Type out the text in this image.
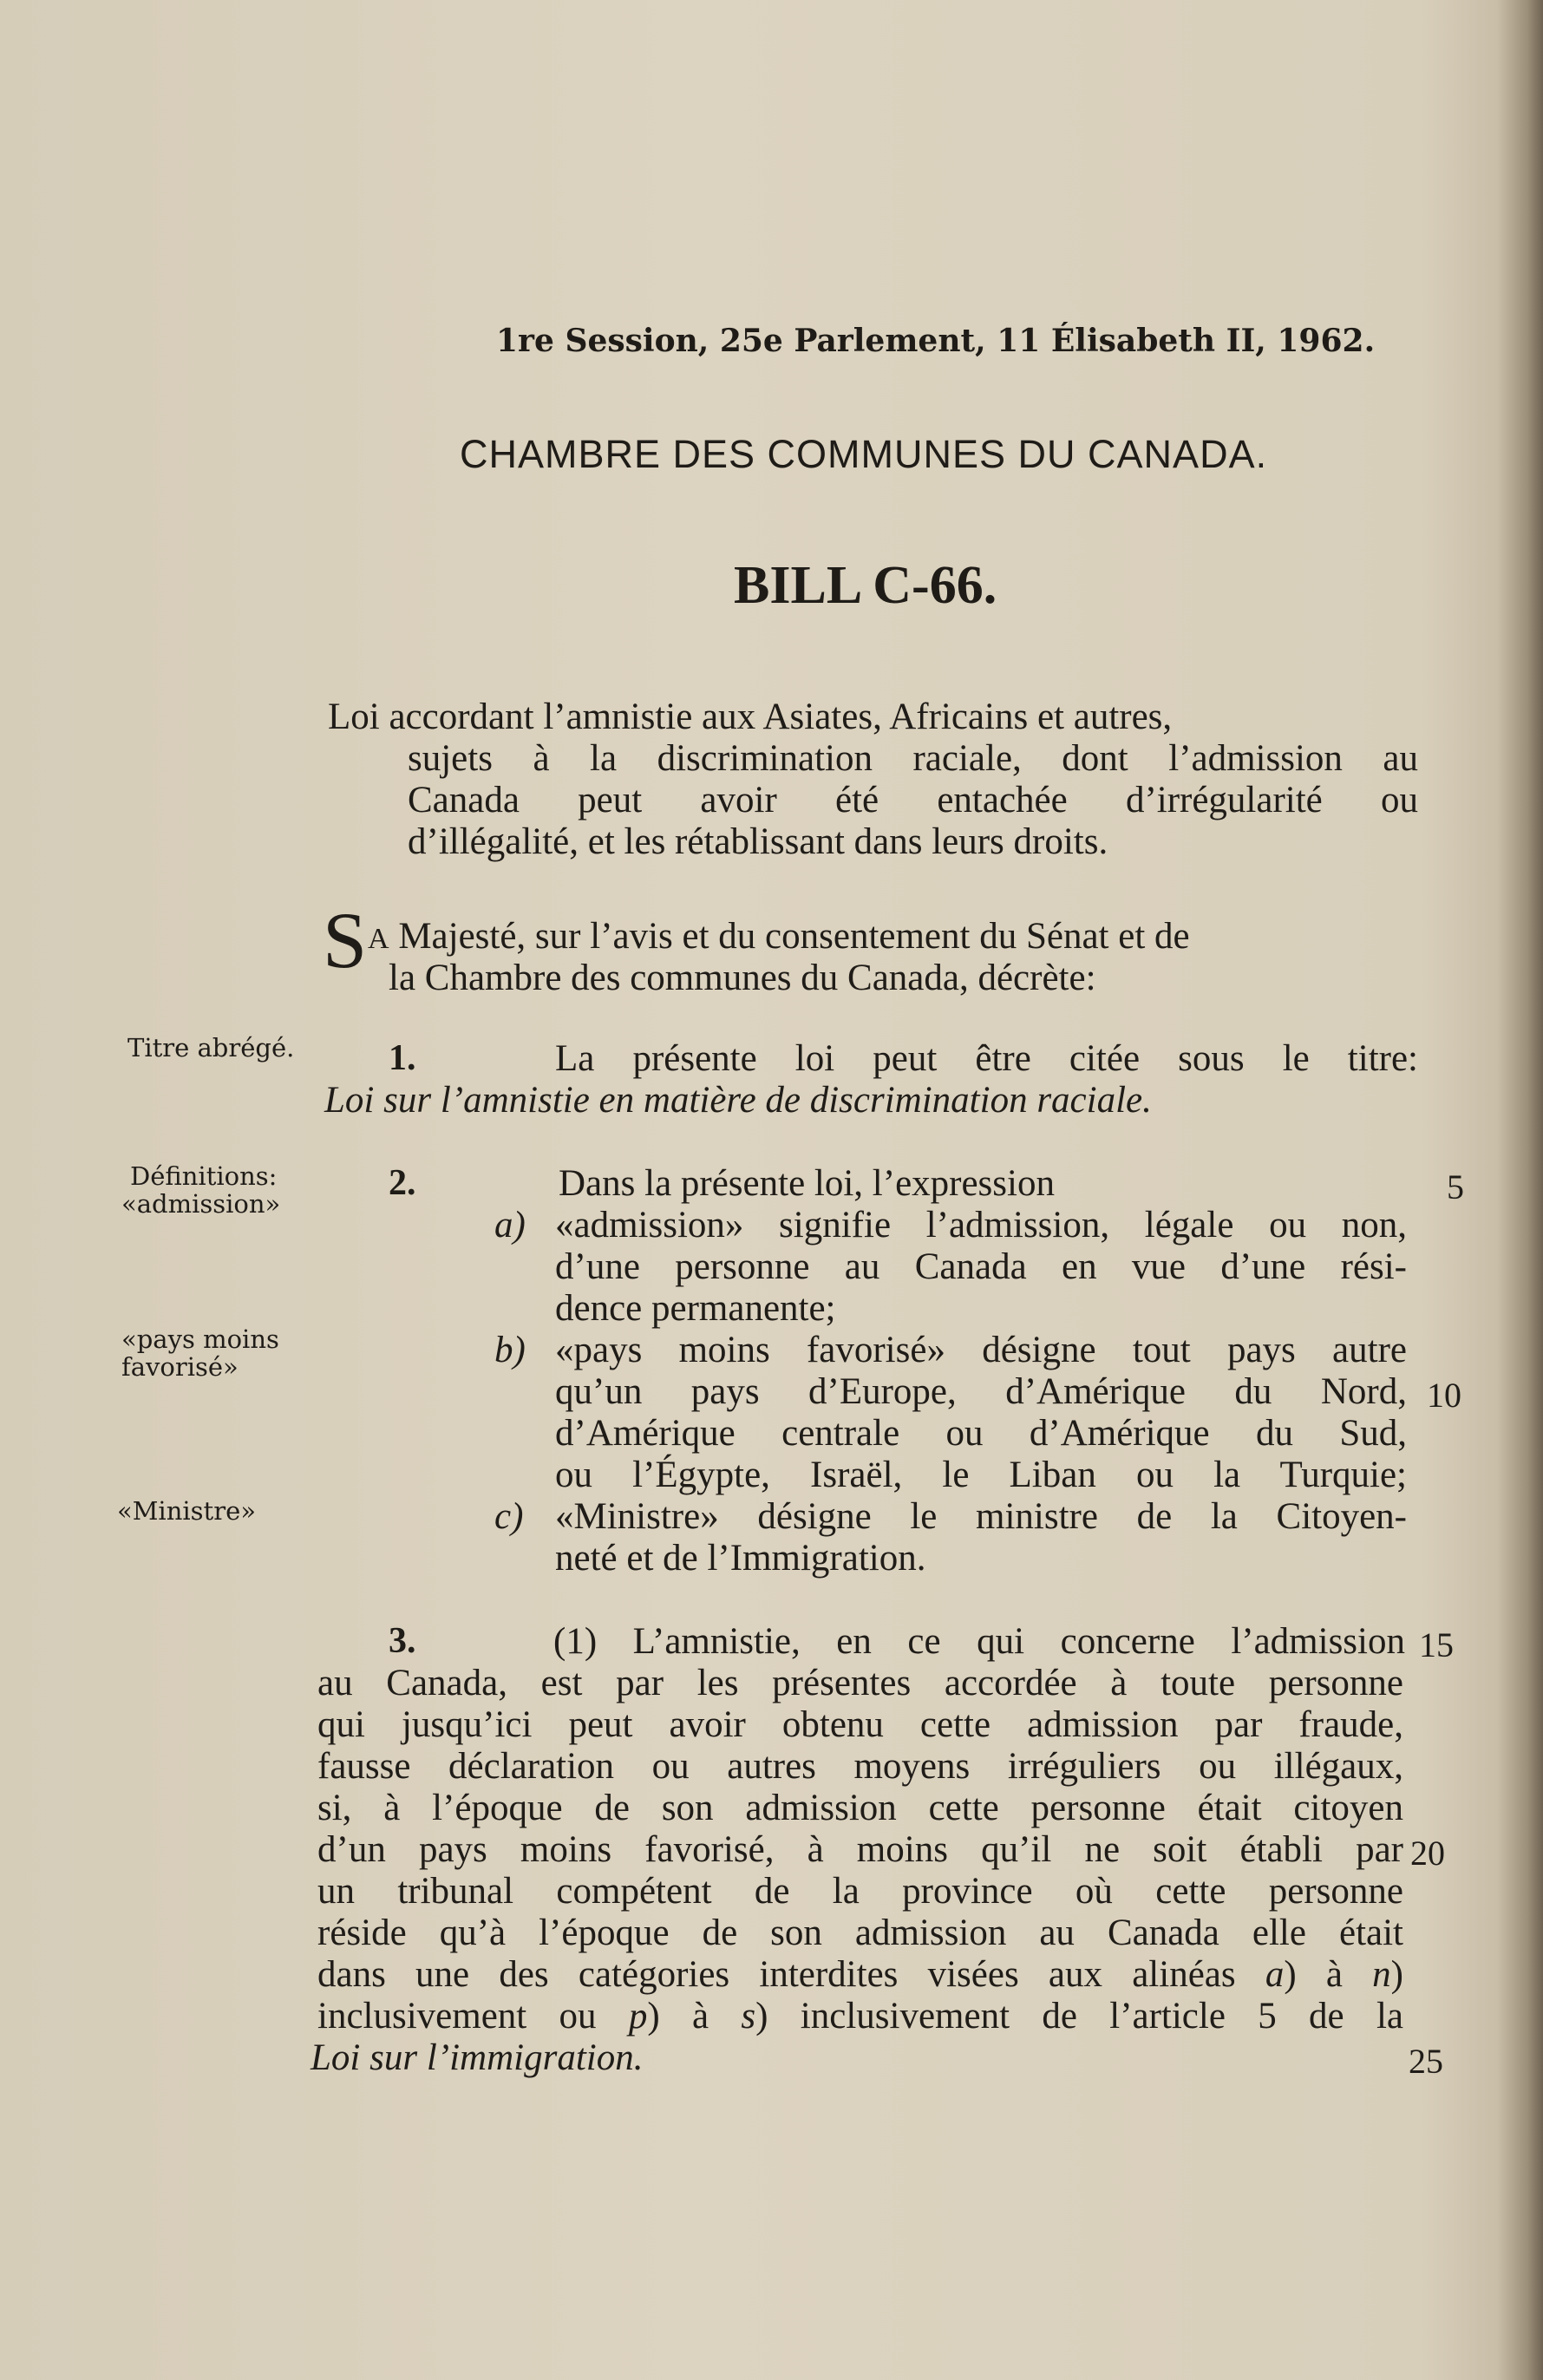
1re Session, 25e Parlement, 11 Élisabeth II, 1962.
CHAMBRE DES COMMUNES DU CANADA.
BILL C-66.
Loi accordant l’amnistie aux Asiates, Africains et autres,
sujets à la discrimination raciale, dont l’admission au
Canada peut avoir été entachée d’irrégularité ou
d’illégalité, et les rétablissant dans leurs droits.
S A Majesté, sur l’avis et du consentement du Sénat et de
la Chambre des communes du Canada, décrète:
Titre abrégé.
Définitions:
«admission»
«pays moins
favorisé»
«Ministre»
1.	La présente loi peut être citée sous le titre:
Loi sur l’amnistie en matière de discrimination raciale.
2.	Dans la présente loi, l’expression
a) «admission» signifie l’admission, légale ou non,
d’une personne au Canada en vue d’une rési-
dence permanente;
b) «pays moins favorisé» désigne tout pays autre
qu’un pays d’Europe, d’Amérique du Nord,
d’Amérique centrale ou d’Amérique du Sud,
ou l’Égypte, Israël, le Liban ou la Turquie;
c) «Ministre» désigne le ministre de la Citoyen-
neté et de l’Immigration.
3.	(1) L’amnistie, en ce qui concerne l’admission
au Canada, est par les présentes accordée à toute personne
qui jusqu’ici peut avoir obtenu cette admission par fraude,
fausse déclaration ou autres moyens irréguliers ou illégaux,
si, à l’époque de son admission cette personne était citoyen
d’un pays moins favorisé, à moins qu’il ne soit établi par
un tribunal compétent de la province où cette personne
réside qu’à l’époque de son admission au Canada elle était
dans une des catégories interdites visées aux alinéas a) à n)
inclusivement ou p) à s) inclusivement de l’article 5 de la
Loi sur l’immigration.
5
10
15
20
25
